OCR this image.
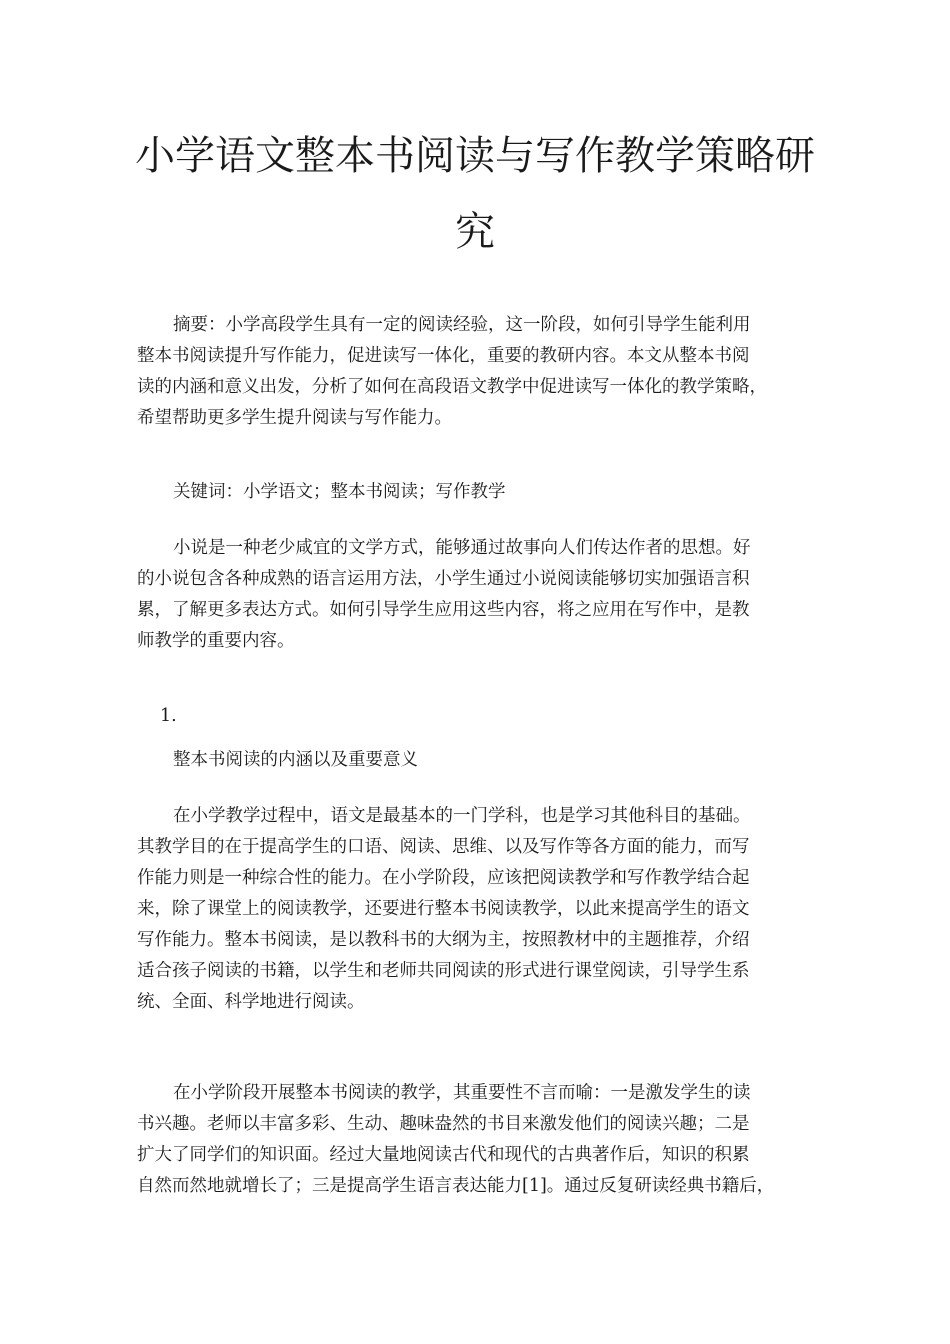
小学语文整本书阅读与写作教学策略研
究
摘要：小学高段学生具有一定的阅读经验，这一阶段，如何引导学生能利用
整本书阅读提升写作能力，促进读写一体化，重要的教研内容。本文从整本书阅
读的内涵和意义出发，分析了如何在高段语文教学中促进读写一体化的教学策略，
希望帮助更多学生提升阅读与写作能力。
关键词：小学语文；整本书阅读；写作教学
小说是一种老少咸宜的文学方式，能够通过故事向人们传达作者的思想。好
的小说包含各种成熟的语言运用方法，小学生通过小说阅读能够切实加强语言积
累，了解更多表达方式。如何引导学生应用这些内容，将之应用在写作中，是教
师教学的重要内容。
1.
整本书阅读的内涵以及重要意义
在小学教学过程中，语文是最基本的一门学科，也是学习其他科目的基础。
其教学目的在于提高学生的口语、阅读、思维、以及写作等各方面的能力，而写
作能力则是一种综合性的能力。在小学阶段，应该把阅读教学和写作教学结合起
来，除了课堂上的阅读教学，还要进行整本书阅读教学，以此来提高学生的语文
写作能力。整本书阅读，是以教科书的大纲为主，按照教材中的主题推荐，介绍
适合孩子阅读的书籍，以学生和老师共同阅读的形式进行课堂阅读，引导学生系
统、全面、科学地进行阅读。
在小学阶段开展整本书阅读的教学，其重要性不言而喻：一是激发学生的读
书兴趣。老师以丰富多彩、生动、趣味盎然的书目来激发他们的阅读兴趣；二是
扩大了同学们的知识面。经过大量地阅读古代和现代的古典著作后，知识的积累
自然而然地就增长了；三是提高学生语言表达能力[1]。通过反复研读经典书籍后，
